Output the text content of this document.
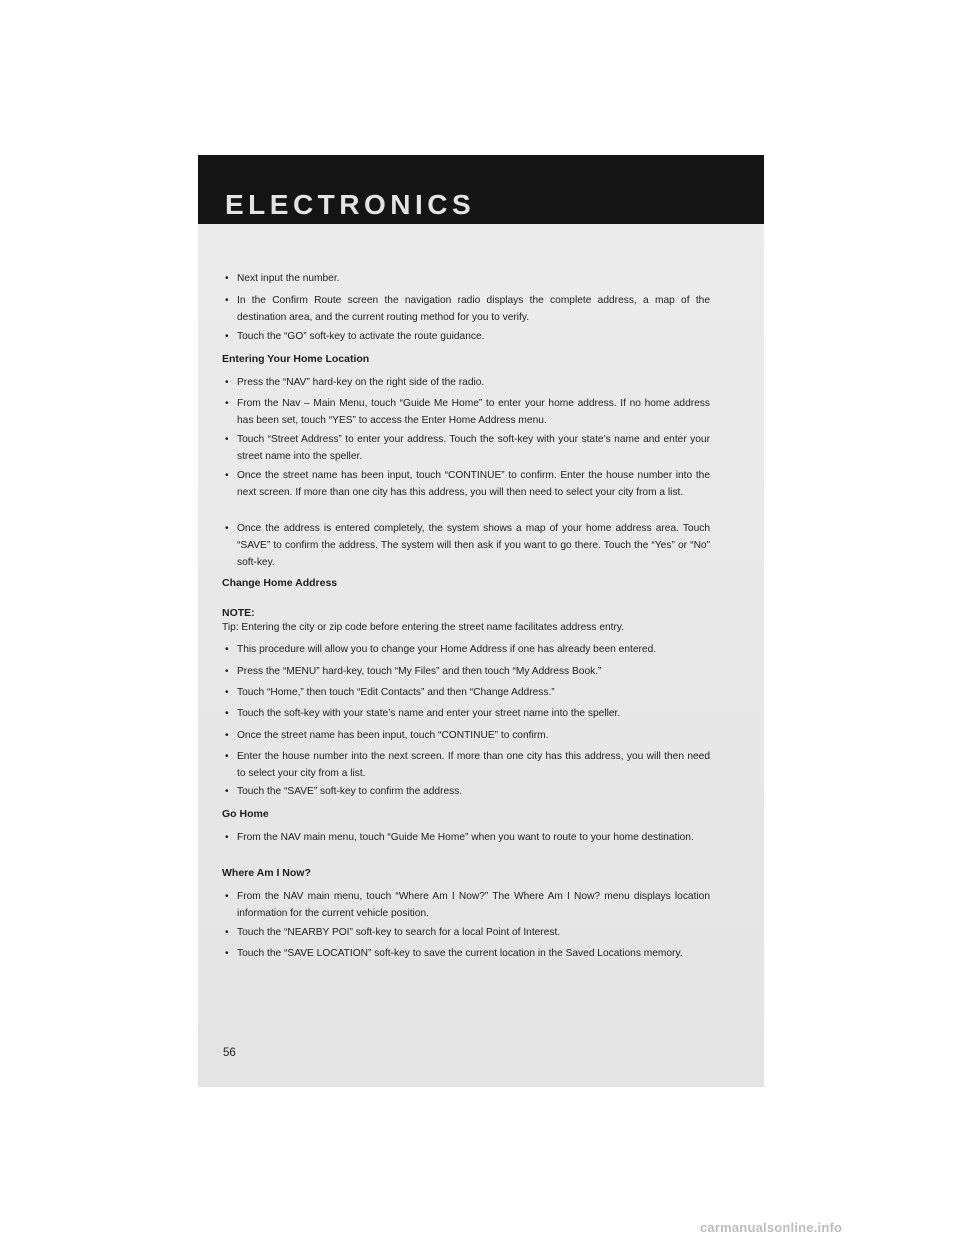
ELECTRONICS
• Next input the number.
• In the Confirm Route screen the navigation radio displays the complete address, a map of the destination area, and the current routing method for you to verify.
• Touch the “GO” soft-key to activate the route guidance.
Entering Your Home Location
• Press the “NAV” hard-key on the right side of the radio.
• From the Nav – Main Menu, touch “Guide Me Home” to enter your home address. If no home address has been set, touch “YES” to access the Enter Home Address menu.
• Touch “Street Address” to enter your address. Touch the soft-key with your state’s name and enter your street name into the speller.
• Once the street name has been input, touch “CONTINUE” to confirm. Enter the house number into the next screen. If more than one city has this address, you will then need to select your city from a list.
• Once the address is entered completely, the system shows a map of your home address area. Touch “SAVE” to confirm the address. The system will then ask if you want to go there. Touch the “Yes” or “No” soft-key.
Change Home Address
NOTE:
Tip: Entering the city or zip code before entering the street name facilitates address entry.
• This procedure will allow you to change your Home Address if one has already been entered.
• Press the “MENU” hard-key, touch “My Files” and then touch “My Address Book.”
• Touch “Home,” then touch “Edit Contacts” and then “Change Address.”
• Touch the soft-key with your state’s name and enter your street name into the speller.
• Once the street name has been input, touch “CONTINUE” to confirm.
• Enter the house number into the next screen. If more than one city has this address, you will then need to select your city from a list.
• Touch the “SAVE” soft-key to confirm the address.
Go Home
• From the NAV main menu, touch “Guide Me Home” when you want to route to your home destination.
Where Am I Now?
• From the NAV main menu, touch “Where Am I Now?” The Where Am I Now? menu displays location information for the current vehicle position.
• Touch the “NEARBY POI” soft-key to search for a local Point of Interest.
• Touch the “SAVE LOCATION” soft-key to save the current location in the Saved Locations memory.
56
carmanualsonline.info
